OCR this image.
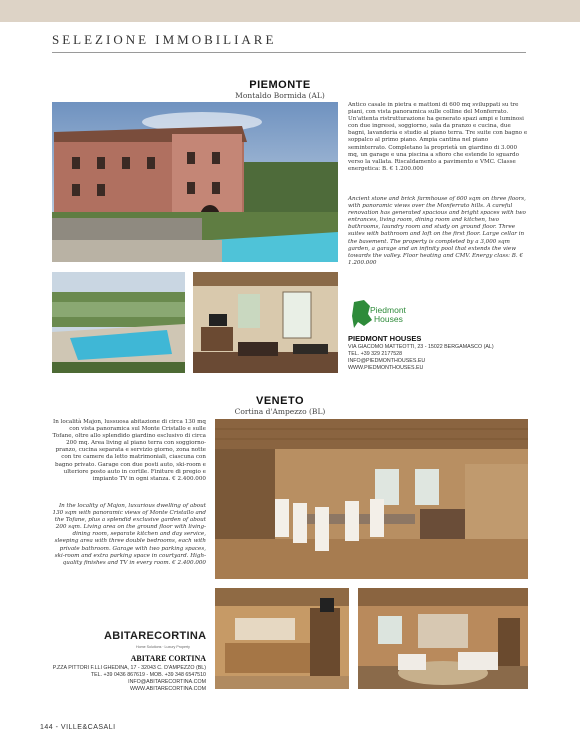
SELEZIONE IMMOBILIARE
PIEMONTE
Montaldo Bormida (AL)
Antico casale in pietra e mattoni di 600 mq sviluppati su tre piani, con vista panoramica sulle colline del Monferrato. Un'attenta ristrutturazione ha generato spazi ampi e luminosi con due ingressi, soggiorno, sala da pranzo e cucina, due bagni, lavanderia e studio al piano terra. Tre suite con bagno e soppalco al primo piano. Ampia cantina nel piano seminterrato. Completano la proprietà un giardino di 3.000 mq, un garage e una piscina a sfioro che estende lo sguardo verso la vallata. Riscaldamento a pavimento e VMC. Classe energetica: B. € 1.200.000
Ancient stone and brick farmhouse of 600 sqm on three floors, with panoramic views over the Monferrato hills. A careful renovation has generated spacious and bright spaces with two entrances, living room, dining room and kitchen, two bathrooms, laundry room and study on ground floor. Three suites with bathroom and loft on the first floor. Large cellar in the basement. The property is completed by a 3,000 sqm garden, a garage and an infinity pool that extends the view towards the valley. Floor heating and CMV. Energy class: B. € 1.200.000
Piedmont
Houses
PIEDMONT HOUSES
VIA GIACOMO MATTEOTTI, 23 - 15022 BERGAMASCO (AL)
TEL. +39 329 2177528
INFO@PIEDMONTHOUSES.EU
WWW.PIEDMONTHOUSES.EU
VENETO
Cortina d'Ampezzo (BL)
In località Majon, lussuosa abitazione di circa 130 mq con vista panoramica sul Monte Cristallo e sulle Tofane, oltre allo splendido giardino esclusivo di circa 200 mq. Area living al piano terra con soggiorno-pranzo, cucina separata e servizio giorno, zona notte con tre camere da letto matrimoniali, ciascuna con bagno privato. Garage con due posti auto, ski-room e ulteriore posto auto in cortile. Finiture di pregio e impianto TV in ogni stanza. € 2.400.000
In the locality of Majon, luxurious dwelling of about 130 sqm with panoramic views of Monte Cristallo and the Tofane, plus a splendid exclusive garden of about 200 sqm. Living area on the ground floor with living-dining room, separate kitchen and day service, sleeping area with three double bedrooms, each with private bathroom. Garage with two parking spaces, ski-room and extra parking space in courtyard. High-quality finishes and TV in every room. € 2.400.000
ABITARECORTINA
Home Solutions · Luxury Property
ABITARE CORTINA
P.ZZA PITTORI F.LLI GHEDINA, 17 - 32043 C. D'AMPEZZO (BL)
TEL. +39 0436 867619 - MOB. +39 348 6547510
INFO@ABITARECORTINA.COM
WWW.ABITARECORTINA.COM
144 - VILLE&CASALI
